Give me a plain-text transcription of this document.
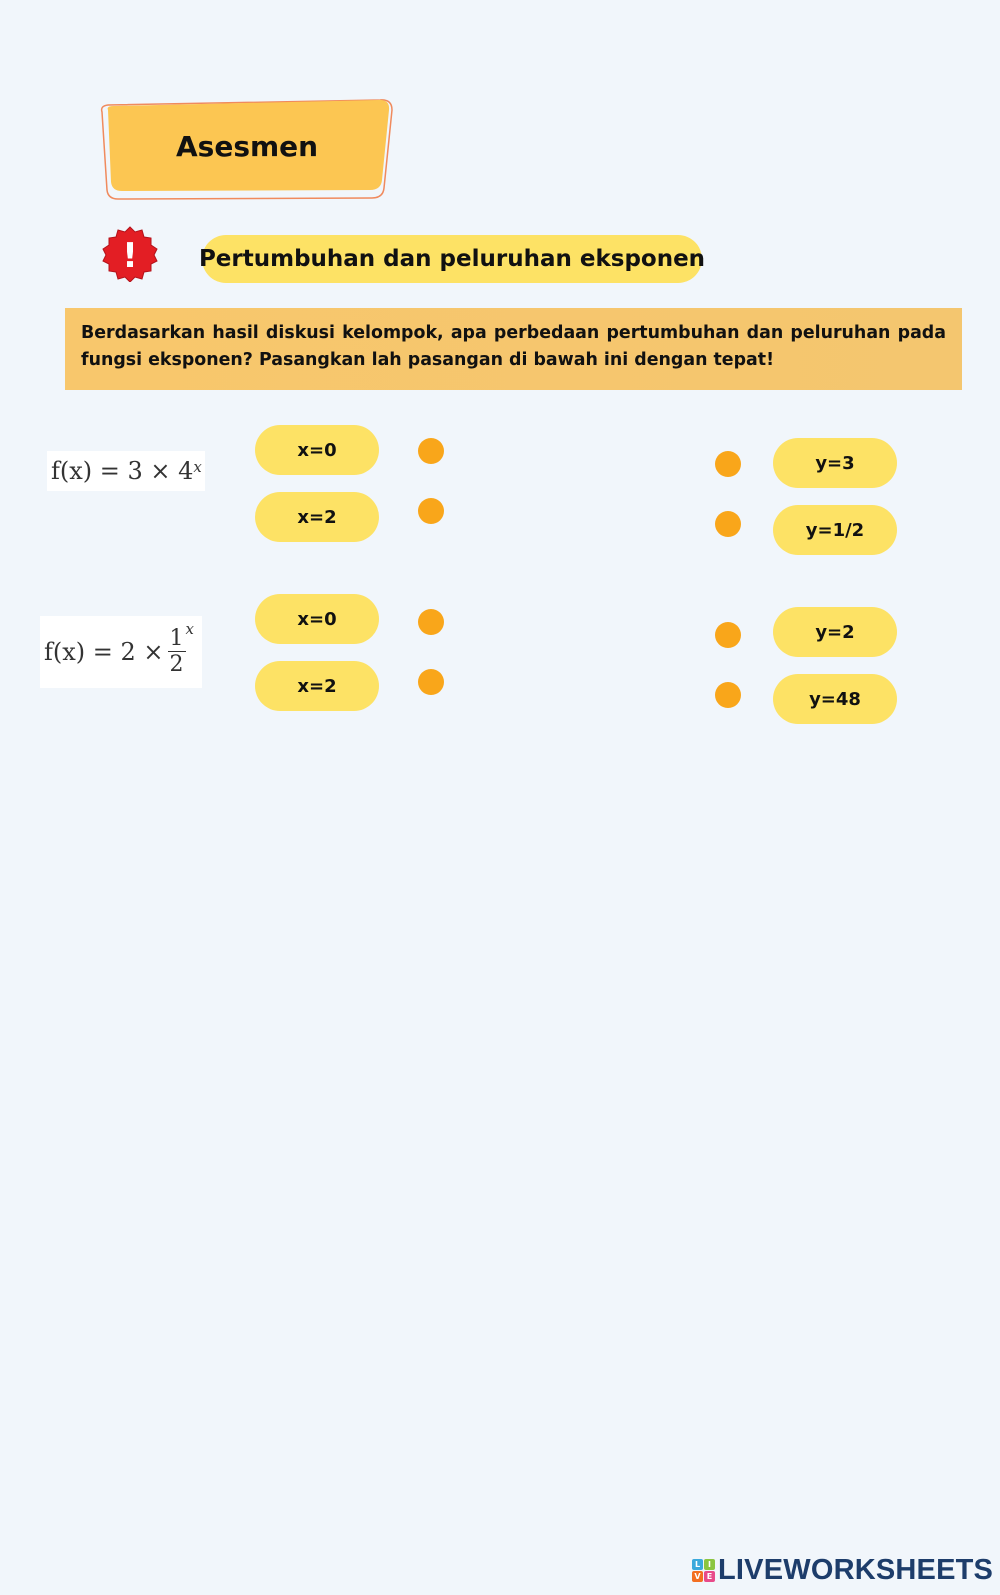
Asesmen
!	Pertumbuhan dan peluruhan eksponen
Berdasarkan hasil diskusi kelompok, apa perbedaan pertumbuhan dan peluruhan pada fungsi eksponen? Pasangkan lah pasangan di bawah ini dengan tepat!
$f(x) = 3 \times 4^x$
x=0
x=2
y=3
y=1/2
$f(x) = 2 \times \frac{1}{2}$ x	x=0
x=2
y=2
y=48
L I
V E LIVEWORKSHEETS
